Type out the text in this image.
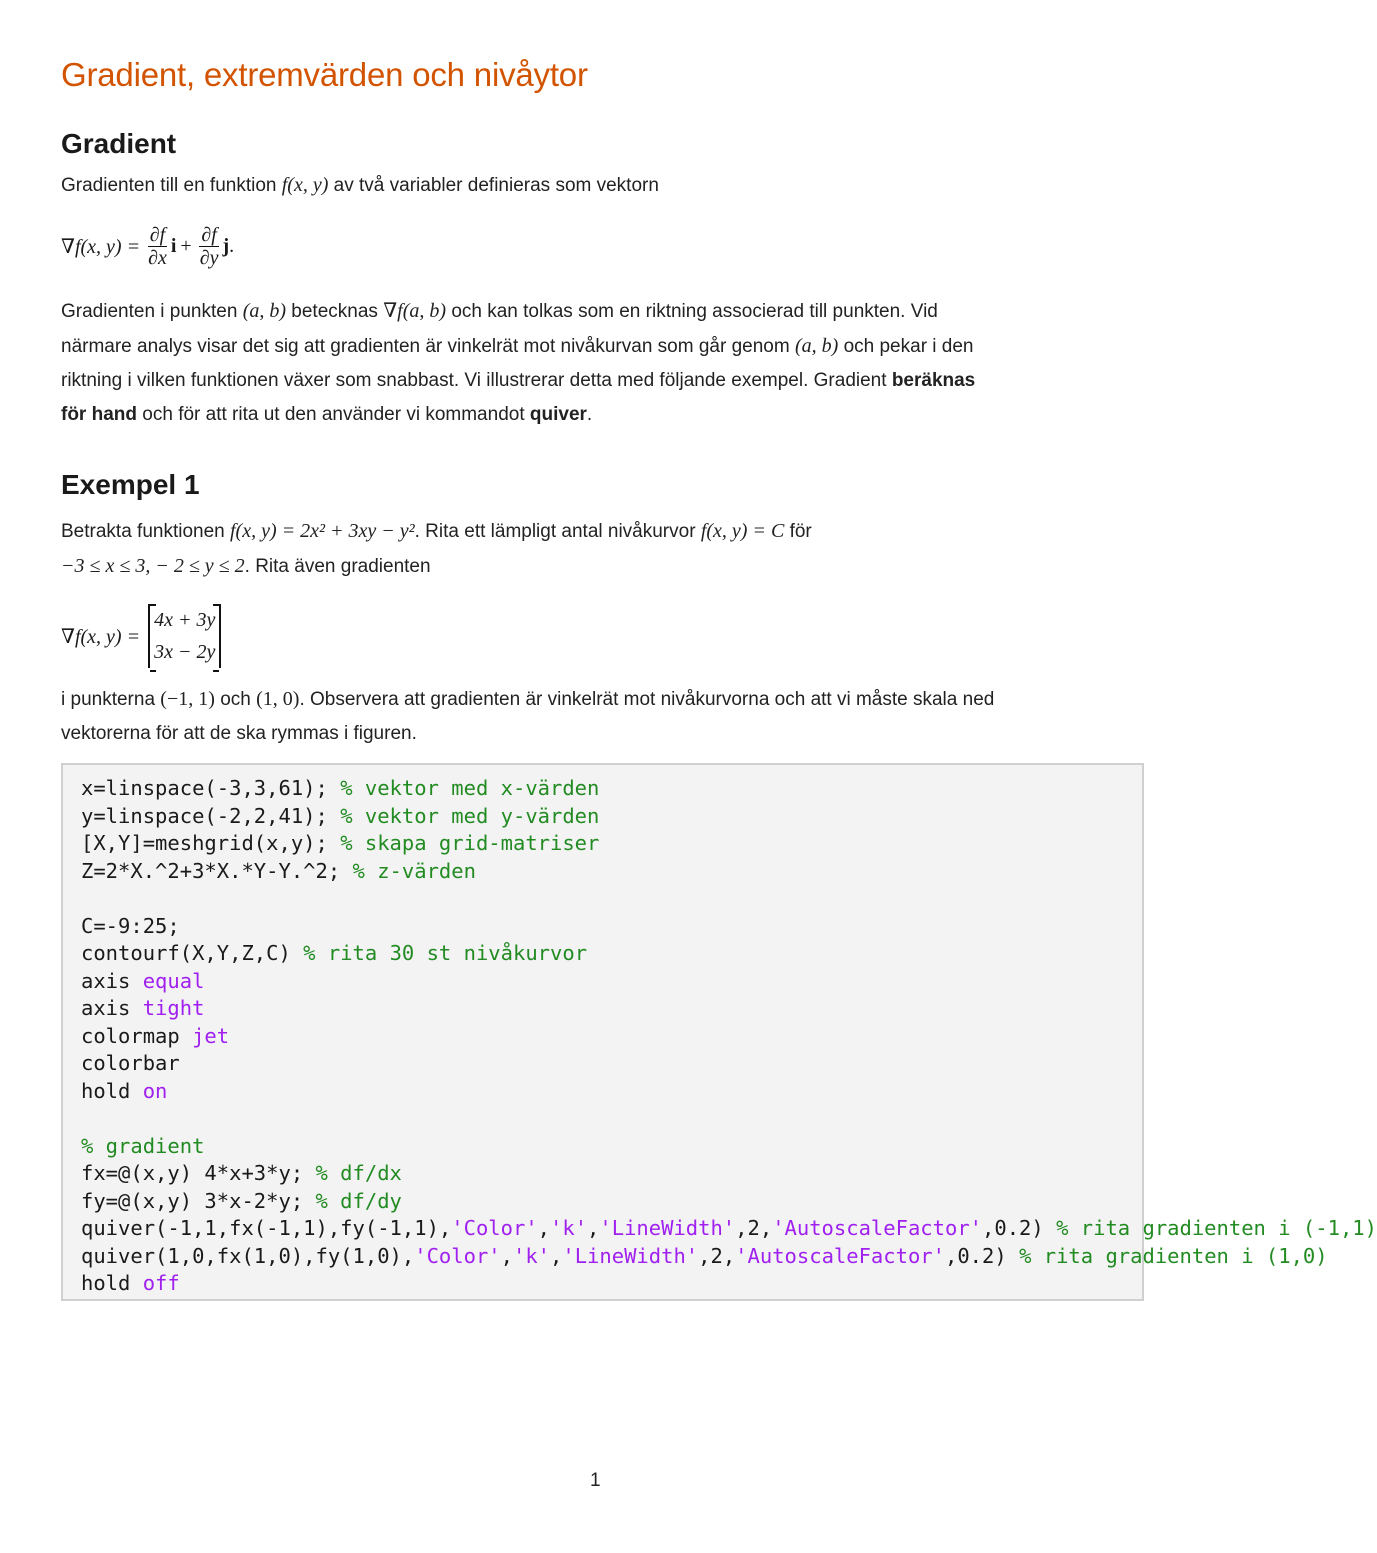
Gradient, extremvärden och nivåytor
Gradient
Gradienten till en funktion f(x, y) av två variabler definieras som vektorn
∇f(x, $y) = \frac{\partial f}{\partial x}$ $i + \frac{\partial f}{\partial y}$ j .
Gradienten i punkten (a, b) betecknas ∇f(a, b) och kan tolkas som en riktning associerad till punkten. Vid
närmare analys visar det sig att gradienten är vinkelrät mot nivåkurvan som går genom (a, b) och pekar i den
riktning i vilken funktionen växer som snabbast. Vi illustrerar detta med följande exempel. Gradient beräknas
för hand och för att rita ut den använder vi kommandot quiver.
Exempel 1
Betrakta funktionen f(x, y) = 2x² + 3xy − y². Rita ett lämpligt antal nivåkurvor f(x, y) = C för
−3 ≤ x ≤ 3, − 2 ≤ y ≤ 2. Rita även gradienten
∇f(x, y) =
4x + 3y
3x − 2y
i punkterna (−1, 1) och (1, 0). Observera att gradienten är vinkelrät mot nivåkurvorna och att vi måste skala ned
vektorerna för att de ska rymmas i figuren.
x=linspace(-3,3,61); % vektor med x-värden
y=linspace(-2,2,41); % vektor med y-värden
[X,Y]=meshgrid(x,y); % skapa grid-matriser
Z=2*X.^2+3*X.*Y-Y.^2; % z-värden

C=-9:25;
contourf(X,Y,Z,C) % rita 30 st nivåkurvor
axis equal
axis tight
colormap jet
colorbar
hold on

% gradient
fx=@(x,y) 4*x+3*y; % df/dx
fy=@(x,y) 3*x-2*y; % df/dy
quiver(-1,1,fx(-1,1),fy(-1,1),'Color','k','LineWidth',2,'AutoscaleFactor',0.2) % rita gradienten i (-1,1)
quiver(1,0,fx(1,0),fy(1,0),'Color','k','LineWidth',2,'AutoscaleFactor',0.2) % rita gradienten i (1,0)
hold off
1
